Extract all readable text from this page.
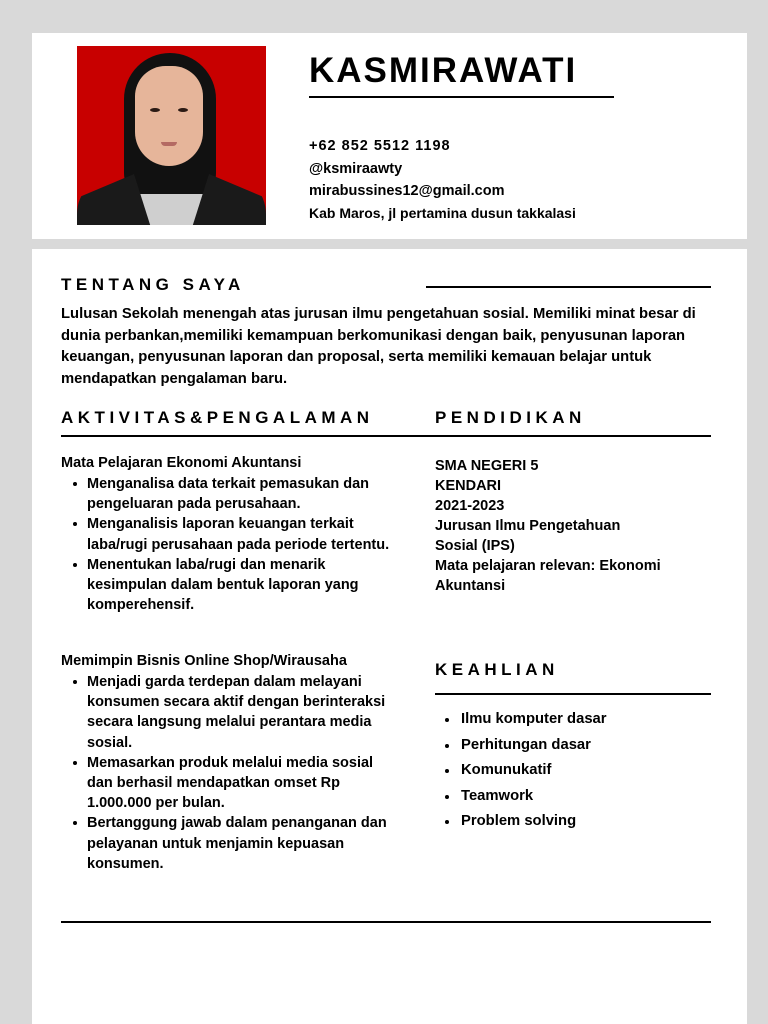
KASMIRAWATI
+62 852 5512 1198
@ksmiraawty
mirabussines12@gmail.com
Kab Maros, jl pertamina dusun takkalasi
TENTANG SAYA
Lulusan Sekolah menengah atas jurusan ilmu pengetahuan sosial. Memiliki minat besar di dunia perbankan,memiliki kemampuan berkomunikasi dengan baik, penyusunan laporan keuangan, penyusunan laporan dan proposal, serta memiliki kemauan belajar untuk mendapatkan pengalaman baru.
AKTIVITAS&PENGALAMAN	PENDIDIKAN
Mata Pelajaran Ekonomi Akuntansi
Menganalisa data terkait pemasukan dan pengeluaran pada perusahaan.
Menganalisis laporan keuangan terkait laba/rugi perusahaan pada periode tertentu.
Menentukan laba/rugi dan menarik kesimpulan dalam bentuk laporan yang komperehensif.
Memimpin Bisnis Online Shop/Wirausaha
Menjadi garda terdepan dalam melayani konsumen secara aktif dengan berinteraksi secara langsung melalui perantara media sosial.
Memasarkan produk melalui media sosial dan berhasil mendapatkan omset Rp 1.000.000 per bulan.
Bertanggung jawab dalam penanganan dan pelayanan untuk menjamin kepuasan konsumen.
SMA NEGERI 5
KENDARI
2021-2023
Jurusan Ilmu Pengetahuan Sosial (IPS)
Mata pelajaran relevan: Ekonomi Akuntansi
KEAHLIAN
Ilmu komputer dasar
Perhitungan dasar
Komunukatif
Teamwork
Problem solving
